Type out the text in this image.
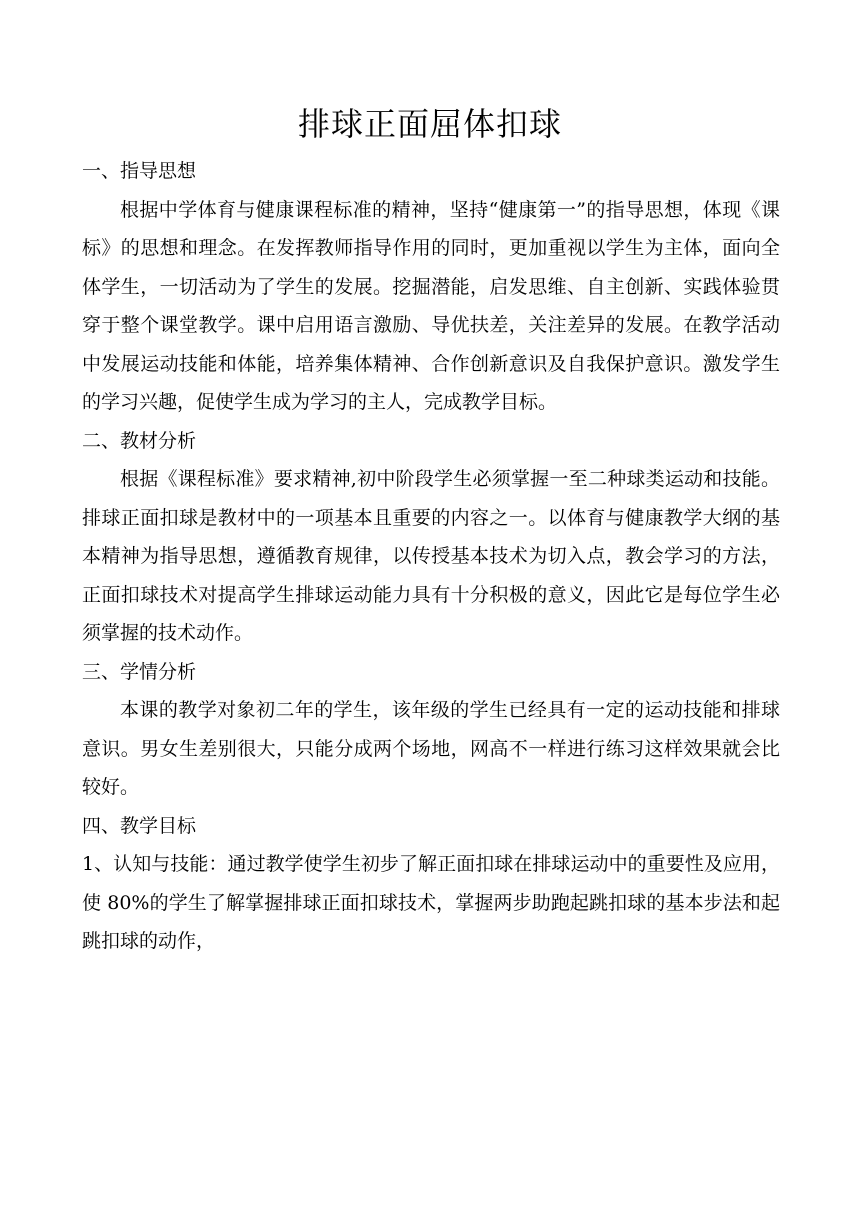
排球正面屈体扣球

一、指导思想

根据中学体育与健康课程标准的精神，坚持“健康第一”的指导思想，体现《课标》的思想和理念。在发挥教师指导作用的同时，更加重视以学生为主体，面向全体学生，一切活动为了学生的发展。挖掘潜能，启发思维、自主创新、实践体验贯穿于整个课堂教学。课中启用语言激励、导优扶差，关注差异的发展。在教学活动中发展运动技能和体能，培养集体精神、合作创新意识及自我保护意识。激发学生的学习兴趣，促使学生成为学习的主人，完成教学目标。

二、教材分析

根据《课程标准》要求精神,初中阶段学生必须掌握一至二种球类运动和技能。排球正面扣球是教材中的一项基本且重要的内容之一。以体育与健康教学大纲的基本精神为指导思想，遵循教育规律，以传授基本技术为切入点，教会学习的方法，正面扣球技术对提高学生排球运动能力具有十分积极的意义，因此它是每位学生必须掌握的技术动作。

三、学情分析

本课的教学对象初二年的学生，该年级的学生已经具有一定的运动技能和排球意识。男女生差别很大，只能分成两个场地，网高不一样进行练习这样效果就会比较好。

四、教学目标

1、认知与技能：通过教学使学生初步了解正面扣球在排球运动中的重要性及应用，使 80%的学生了解掌握排球正面扣球技术，掌握两步助跑起跳扣球的基本步法和起跳扣球的动作，
